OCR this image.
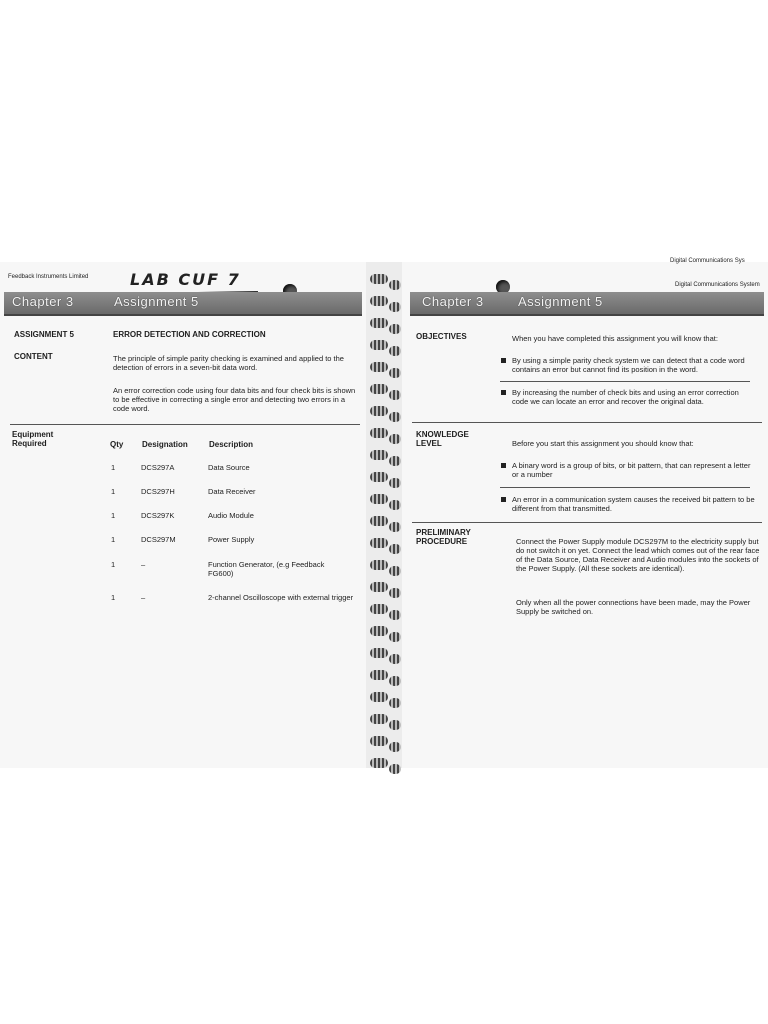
Feedback Instruments Limited	LAB CUF 7
Chapter 3	Assignment 5
ASSIGNMENT 5	ERROR DETECTION AND CORRECTION
CONTENT	The principle of simple parity checking is examined and applied to the detection of errors in a seven-bit data word.
An error correction code using four data bits and four check bits is shown to be effective in correcting a single error and detecting two errors in a code word.
Equipment
Required	Qty Designation	Description
1	DCS297A	Data Source
1	DCS297H	Data Receiver
1	DCS297K	Audio Module
1	DCS297M	Power Supply
1	–	Function Generator, (e.g Feedback FG600)
1	–	2-channel Oscilloscope with external trigger
Digital Communications Sys
Digital Communications System
Chapter 3	Assignment 5
OBJECTIVES	When you have completed this assignment you will know that:
By using a simple parity check system we can detect that a code word contains an error but cannot find its position in the word.
By increasing the number of check bits and using an error correction code we can locate an error and recover the original data.
KNOWLEDGE
LEVEL	Before you start this assignment you should know that:
A binary word is a group of bits, or bit pattern, that can represent a letter or a number
An error in a communication system causes the received bit pattern to be different from that transmitted.
PRELIMINARY
PROCEDURE	Connect the Power Supply module DCS297M to the electricity supply but do not switch it on yet. Connect the lead which comes out of the rear face of the Data Source, Data Receiver and Audio modules into the sockets of the Power Supply. (All these sockets are identical).
Only when all the power connections have been made, may the Power Supply be switched on.
